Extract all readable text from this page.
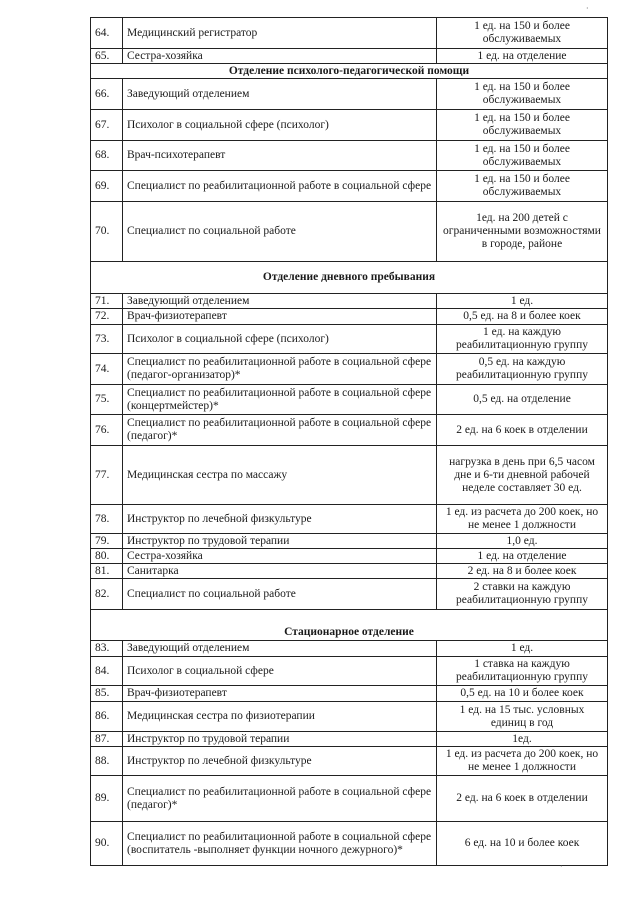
64.	Медицинский регистратор	1 ед. на 150 и более обслуживаемых
65.	Сестра-хозяйка	1 ед. на отделение
Отделение психолого-педагогической помощи		
66.	Заведующий отделением	1 ед. на 150 и более обслуживаемых
67.	Психолог в социальной сфере (психолог)	1 ед. на 150 и более обслуживаемых
68.	Врач-психотерапевт	1 ед. на 150 и более обслуживаемых
69.	Специалист по реабилитационной работе в социальной сфере	1 ед. на 150 и более обслуживаемых
70.	Специалист по социальной работе	1ед. на 200 детей с ограниченными возможностями в городе, районе
Отделение дневного пребывания		
71.	Заведующий отделением	1 ед.
72.	Врач-физиотерапевт	0,5 ед. на 8 и более коек
73.	Психолог в социальной сфере (психолог)	1 ед. на каждую реабилитационную группу
74.	Специалист по реабилитационной работе в социальной сфере (педагог-организатор)*	0,5 ед. на каждую реабилитационную группу
75.	Специалист по реабилитационной работе в социальной сфере (концертмейстер)*	0,5 ед. на отделение
76.	Специалист по реабилитационной работе в социальной сфере (педагог)*	2 ед. на 6 коек в отделении
77.	Медицинская сестра по массажу	нагрузка в день при 6,5 часом дне и 6-ти дневной рабочей неделе составляет 30 ед.
78.	Инструктор по лечебной физкультуре	1 ед. из расчета до 200 коек, но не менее 1 должности
79.	Инструктор по трудовой терапии	1,0 ед.
80.	Сестра-хозяйка	1 ед. на отделение
81.	Санитарка	2 ед. на 8 и более коек
82.	Специалист по социальной работе	2 ставки на каждую реабилитационную группу
Стационарное отделение		
83.	Заведующий отделением	1 ед.
84.	Психолог в социальной сфере	1 ставка на каждую реабилитационную группу
85.	Врач-физиотерапевт	0,5 ед. на 10 и более коек
86.	Медицинская сестра по физиотерапии	1 ед. на 15 тыс. условных единиц в год
87.	Инструктор по трудовой терапии	1ед.
88.	Инструктор по лечебной физкультуре	1 ед. из расчета до 200 коек, но не менее 1 должности
89.	Специалист по реабилитационной работе в социальной сфере (педагог)*	2 ед. на 6 коек в отделении
90.	Специалист по реабилитационной работе в социальной сфере (воспитатель -выполняет функции ночного дежурного)*	6 ед. на 10 и более коек
·
·
